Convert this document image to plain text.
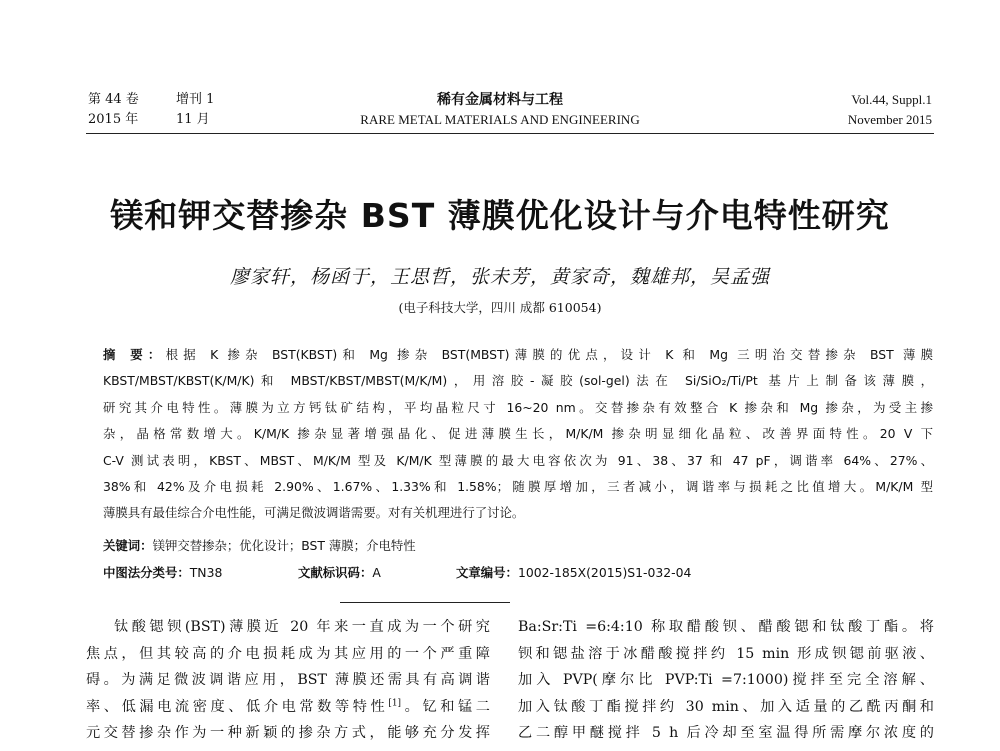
第 44 卷	增刊 1
2015 年	11 月
稀有金属材料与工程
RARE METAL MATERIALS AND ENGINEERING
Vol.44, Suppl.1
November 2015
镁和钾交替掺杂 BST 薄膜优化设计与介电特性研究
廖家轩，杨函于，王思哲，张未芳，黄家奇，魏雄邦，吴孟强
(电子科技大学，四川 成都 610054)
摘 要：根据 K 掺杂 BST(KBST)和 Mg 掺杂 BST(MBST)薄膜的优点，设计 K 和 Mg 三明治交替掺杂 BST 薄膜
KBST/MBST/KBST(K/M/K)和 MBST/KBST/MBST(M/K/M)，用溶胶-凝胶(sol-gel)法在 Si/SiO₂/Ti/Pt 基片上制备该薄膜，
研究其介电特性。薄膜为立方钙钛矿结构，平均晶粒尺寸 16~20 nm。交替掺杂有效整合 K 掺杂和 Mg 掺杂，为受主掺
杂，晶格常数增大。K/M/K 掺杂显著增强晶化、促进薄膜生长，M/K/M 掺杂明显细化晶粒、改善界面特性。20 V 下
C-V 测试表明，KBST、MBST、M/K/M 型及 K/M/K 型薄膜的最大电容依次为 91、38、37 和 47 pF，调谐率 64%、27%、
38%和 42%及介电损耗 2.90%、1.67%、1.33%和 1.58%；随膜厚增加，三者减小，调谐率与损耗之比值增大。M/K/M 型
薄膜具有最佳综合介电性能，可满足微波调谐需要。对有关机理进行了讨论。
关键词：镁钾交替掺杂；优化设计；BST 薄膜；介电特性
中图法分类号：TN38	文献标识码：A	文章编号：1002-185X(2015)S1-032-04
钛酸锶钡(BST)薄膜近 20 年来一直成为一个研究
焦点，但其较高的介电损耗成为其应用的一个严重障
碍。为满足微波调谐应用，BST 薄膜还需具有高调谐
率、低漏电流密度、低介电常数等特性[1]。钇和锰二
元交替掺杂作为一种新颖的掺杂方式，能够充分发挥
Ba:Sr:Ti =6:4:10 称取醋酸钡、醋酸锶和钛酸丁酯。将
钡和锶盐溶于冰醋酸搅拌约 15 min 形成钡锶前驱液、
加入 PVP(摩尔比 PVP:Ti =7:1000)搅拌至完全溶解、
加入钛酸丁酯搅拌约 30 min、加入适量的乙酰丙酮和
乙二醇甲醚搅拌 5 h 后冷却至室温得所需摩尔浓度的
